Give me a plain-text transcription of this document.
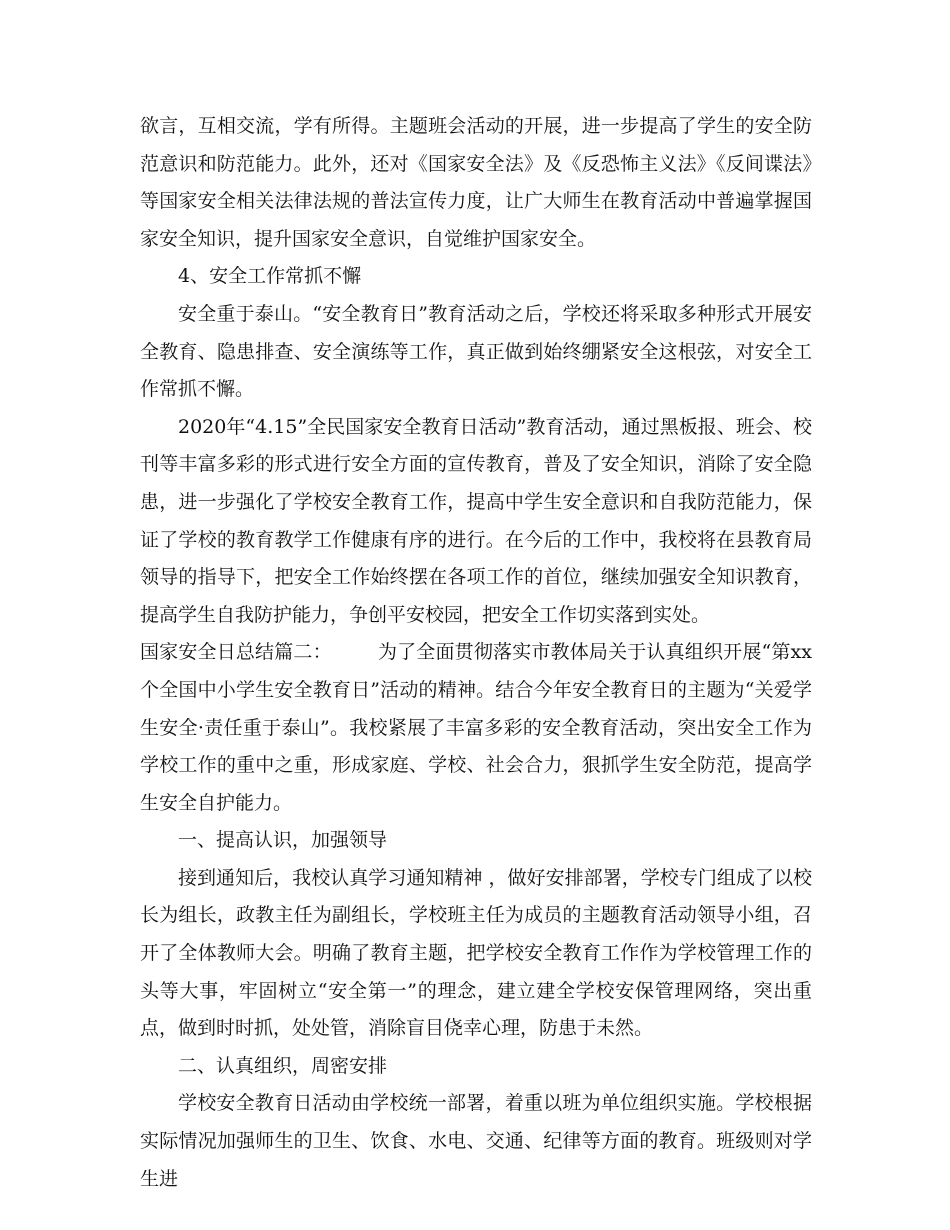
欲言，互相交流，学有所得。主题班会活动的开展，进一步提高了学生的安全防范意识和防范能力。此外，还对《国家安全法》及《反恐怖主义法》《反间谍法》等国家安全相关法律法规的普法宣传力度，让广大师生在教育活动中普遍掌握国家安全知识，提升国家安全意识，自觉维护国家安全。

4、安全工作常抓不懈

安全重于泰山。“安全教育日”教育活动之后，学校还将采取多种形式开展安全教育、隐患排查、安全演练等工作，真正做到始终绷紧安全这根弦，对安全工作常抓不懈。

2020年“4.15”全民国家安全教育日活动”教育活动，通过黑板报、班会、校刊等丰富多彩的形式进行安全方面的宣传教育，普及了安全知识，消除了安全隐患，进一步强化了学校安全教育工作，提高中学生安全意识和自我防范能力，保证了学校的教育教学工作健康有序的进行。在今后的工作中，我校将在县教育局领导的指导下，把安全工作始终摆在各项工作的首位，继续加强安全知识教育，提高学生自我防护能力，争创平安校园，把安全工作切实落到实处。

国家安全日总结篇二： 为了全面贯彻落实市教体局关于认真组织开展“第xx个全国中小学生安全教育日”活动的精神。结合今年安全教育日的主题为“关爱学生安全·责任重于泰山”。我校紧展了丰富多彩的安全教育活动，突出安全工作为学校工作的重中之重，形成家庭、学校、社会合力，狠抓学生安全防范，提高学生安全自护能力。

一、提高认识，加强领导

接到通知后，我校认真学习通知精神 ，做好安排部署，学校专门组成了以校长为组长，政教主任为副组长，学校班主任为成员的主题教育活动领导小组，召开了全体教师大会。明确了教育主题，把学校安全教育工作作为学校管理工作的头等大事，牢固树立“安全第一”的理念，建立建全学校安保管理网络，突出重点，做到时时抓，处处管，消除盲目侥幸心理，防患于未然。

二、认真组织，周密安排

学校安全教育日活动由学校统一部署，着重以班为单位组织实施。学校根据实际情况加强师生的卫生、饮食、水电、交通、纪律等方面的教育。班级则对学生进
